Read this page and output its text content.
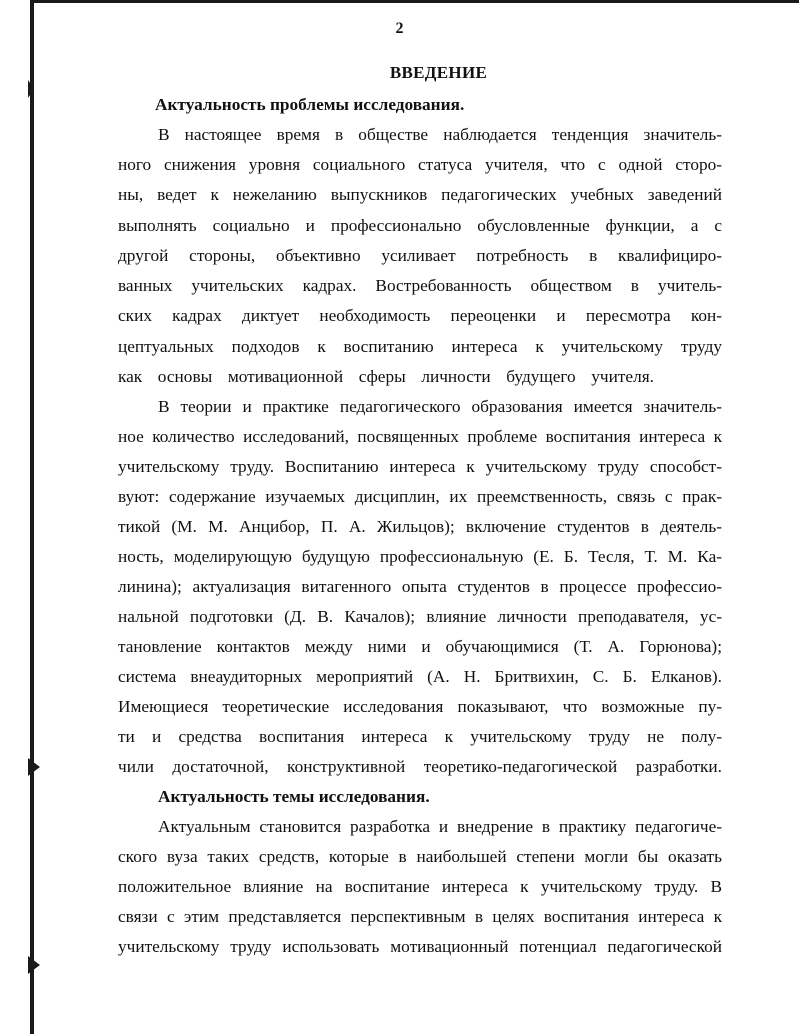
2
ВВЕДЕНИЕ
Актуальность проблемы исследования.
В настоящее время в обществе наблюдается тенденция значитель-
ного снижения уровня социального статуса учителя, что с одной сторо-
ны, ведет к нежеланию выпускников педагогических учебных заведений
выполнять социально и профессионально обусловленные функции, а с
другой стороны, объективно усиливает потребность в квалифициро-
ванных учительских кадрах. Востребованность обществом в учитель-
ских кадрах диктует необходимость переоценки и пересмотра кон-
цептуальных подходов к воспитанию интереса к учительскому труду
как основы мотивационной сферы личности будущего учителя.
В теории и практике педагогического образования имеется значитель-
ное количество исследований, посвященных проблеме воспитания интереса к
учительскому труду. Воспитанию интереса к учительскому труду способст-
вуют: содержание изучаемых дисциплин, их преемственность, связь с прак-
тикой (М. М. Анцибор, П. А. Жильцов); включение студентов в деятель-
ность, моделирующую будущую профессиональную (Е. Б. Тесля, Т. М. Ка-
линина); актуализация витагенного опыта студентов в процессе профессио-
нальной подготовки (Д. В. Качалов); влияние личности преподавателя, ус-
тановление контактов между ними и обучающимися (Т. А. Горюнова);
система внеаудиторных мероприятий (А. Н. Бритвихин, С. Б. Елканов).
Имеющиеся теоретические исследования показывают, что возможные пу-
ти и средства воспитания интереса к учительскому труду не полу-
чили достаточной, конструктивной теоретико-педагогической разработки.
Актуальность темы исследования.
Актуальным становится разработка и внедрение в практику педагогиче-
ского вуза таких средств, которые в наибольшей степени могли бы оказать
положительное влияние на воспитание интереса к учительскому труду. В
связи с этим представляется перспективным в целях воспитания интереса к
учительскому труду использовать мотивационный потенциал педагогической
